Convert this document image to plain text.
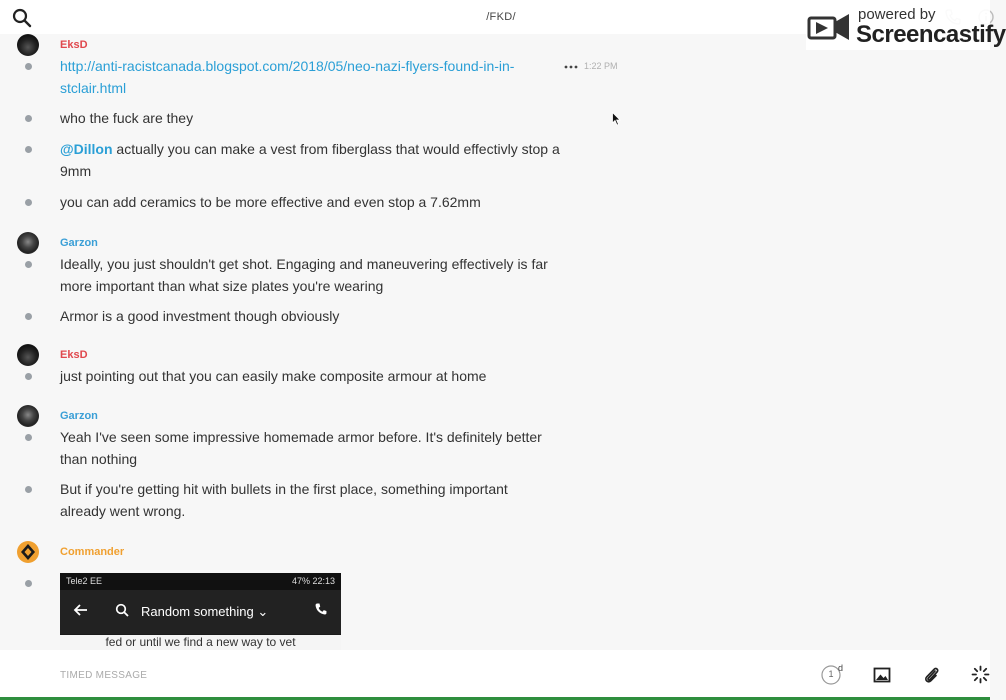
/FKD/	powered by
Screencastify
EksD
http://anti-racistcanada.blogspot.com/2018/05/neo-nazi-flyers-found-in-in-stclair.html
1:22 PM
who the fuck are they
@Dillon actually you can make a vest from fiberglass that would effectivly stop a 9mm
you can add ceramics to be more effective and even stop a 7.62mm
Garzon
Ideally, you just shouldn't get shot. Engaging and maneuvering effectively is far more important than what size plates you're wearing
Armor is a good investment though obviously
EksD
just pointing out that you can easily make composite armour at home
Garzon
Yeah I've seen some impressive homemade armor before. It's definitely better than nothing
But if you're getting hit with bullets in the first place, something important already went wrong.
Commander
Tele2 EE	47% 22:13
Random something ⌄
fed or until we find a new way to vet
TIMED MESSAGE
1
d
